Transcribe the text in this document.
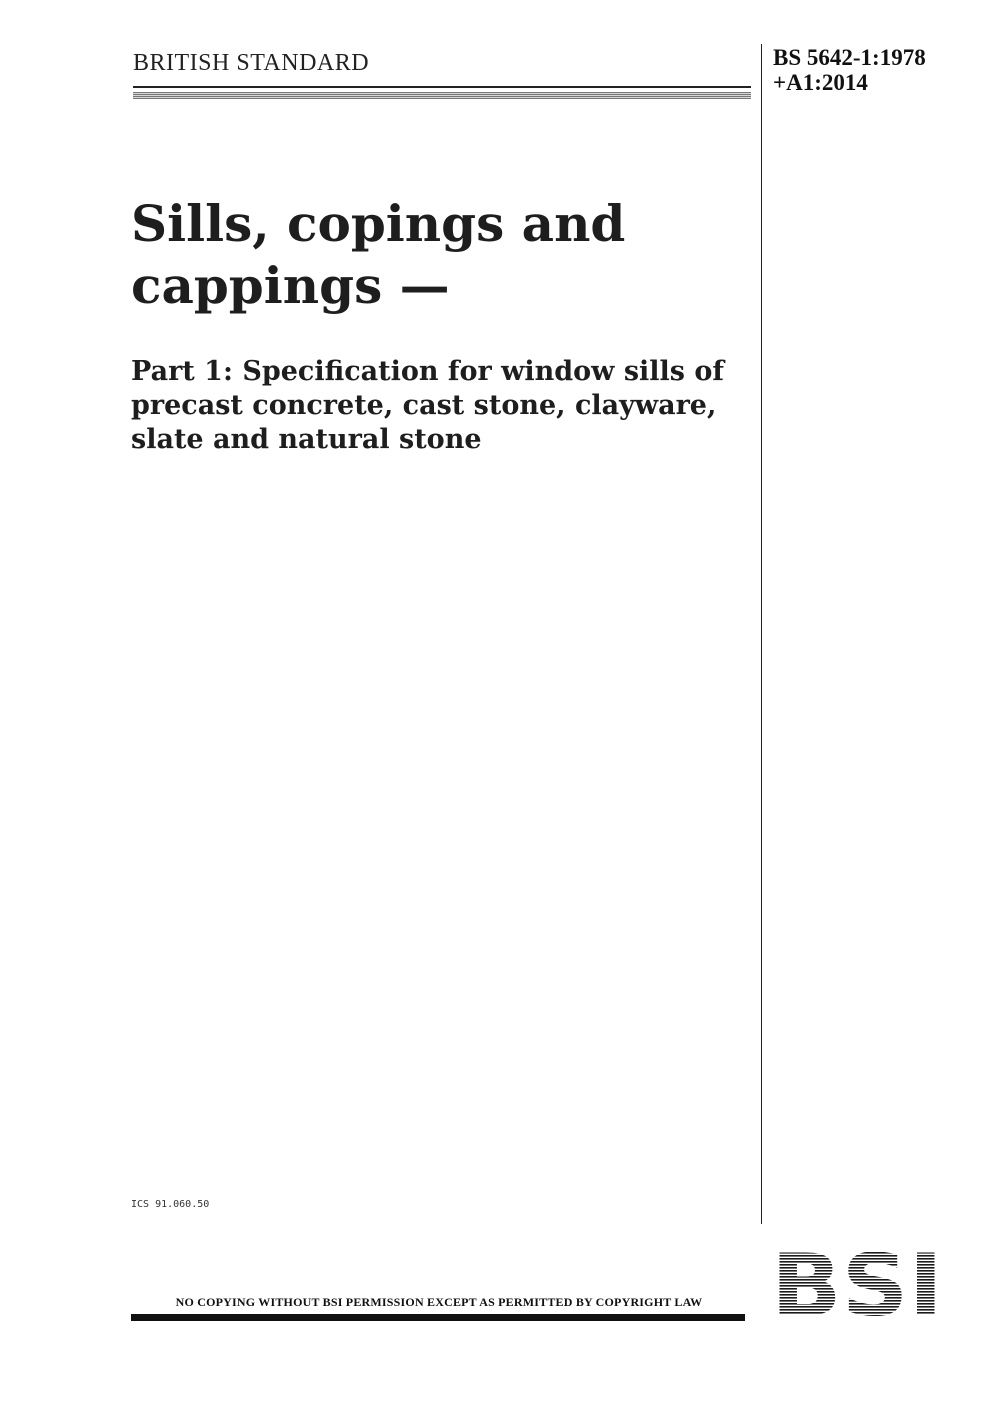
BRITISH STANDARD	BS 5642-1:1978
+A1:2014
Sills, copings and
cappings —
Part 1: Specification for window sills of
precast concrete, cast stone, clayware,
slate and natural stone
ICS 91.060.50
NO COPYING WITHOUT BSI PERMISSION EXCEPT AS PERMITTED BY COPYRIGHT LAW BSI
